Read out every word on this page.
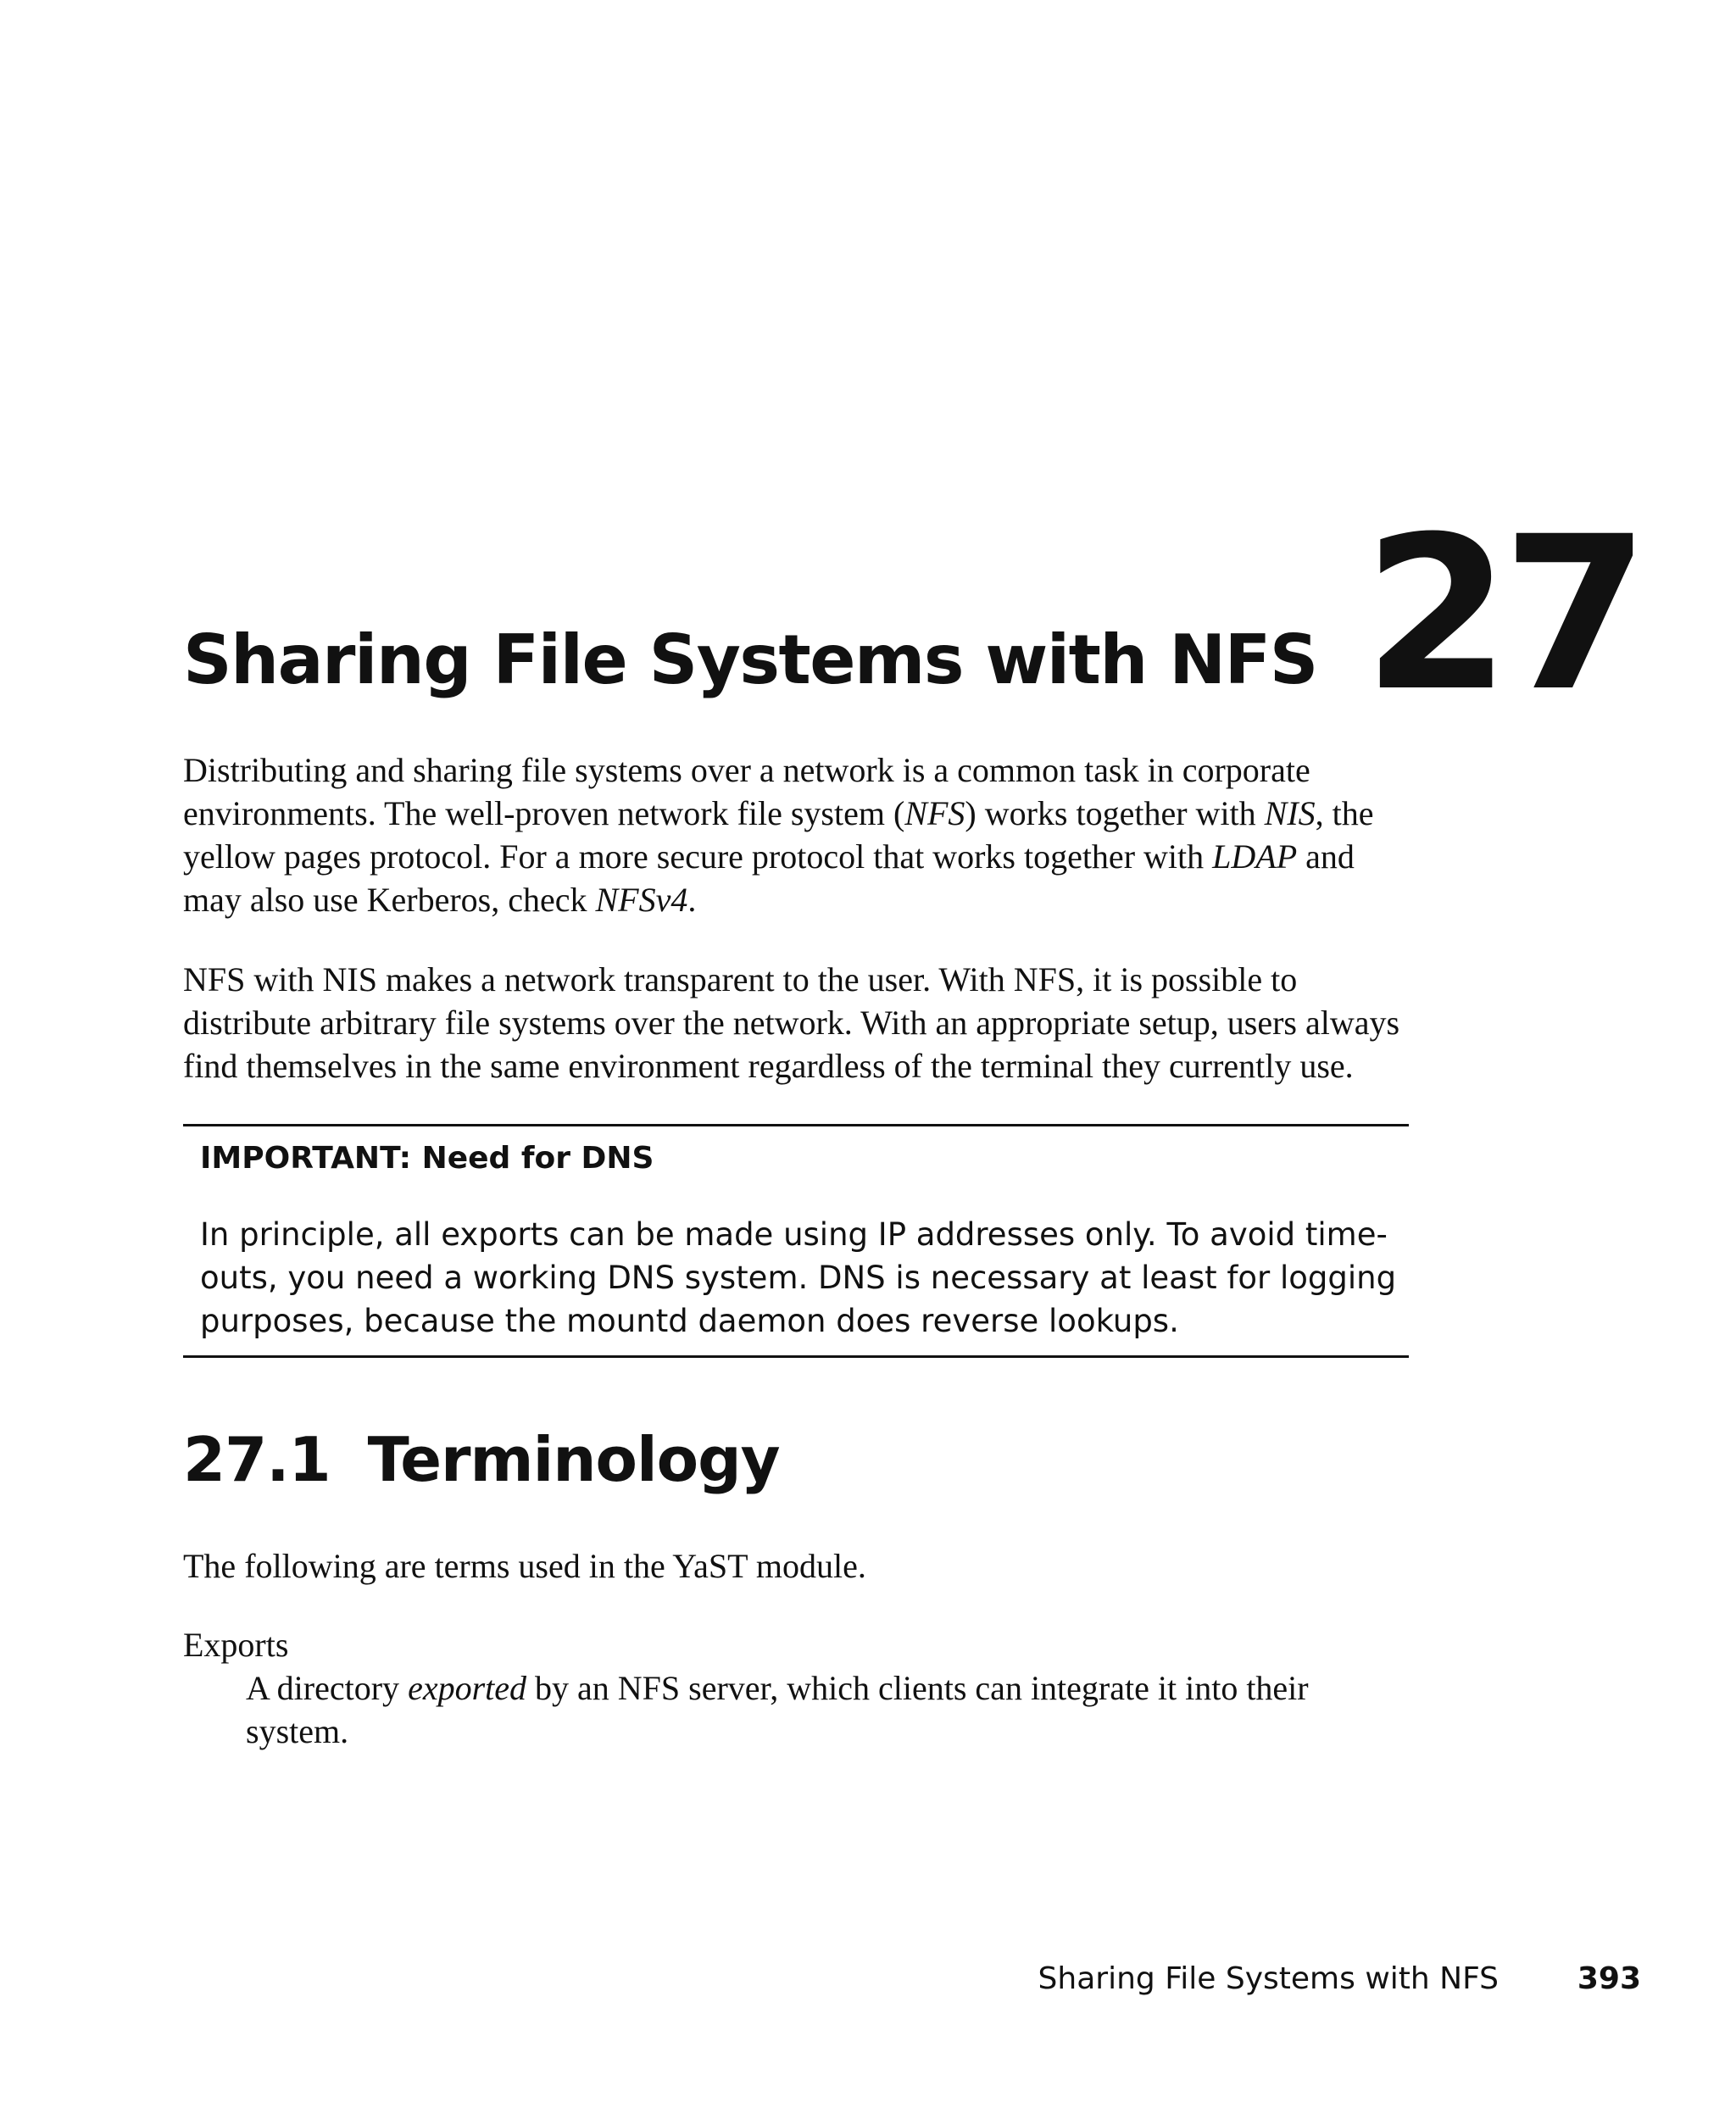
27
Sharing File Systems with NFS

Distributing and sharing file systems over a network is a common task in corporate environments. The well-proven network file system (NFS) works together with NIS, the yellow pages protocol. For a more secure protocol that works together with LDAP and may also use Kerberos, check NFSv4.

NFS with NIS makes a network transparent to the user. With NFS, it is possible to distribute arbitrary file systems over the network. With an appropriate setup, users always find themselves in the same environment regardless of the terminal they currently use.

IMPORTANT: Need for DNS

In principle, all exports can be made using IP addresses only. To avoid time-outs, you need a working DNS system. DNS is necessary at least for logging purposes, because the mountd daemon does reverse lookups.

27.1 Terminology

The following are terms used in the YaST module.

Exports

A directory exported by an NFS server, which clients can integrate it into their system.

Sharing File Systems with NFS	393
